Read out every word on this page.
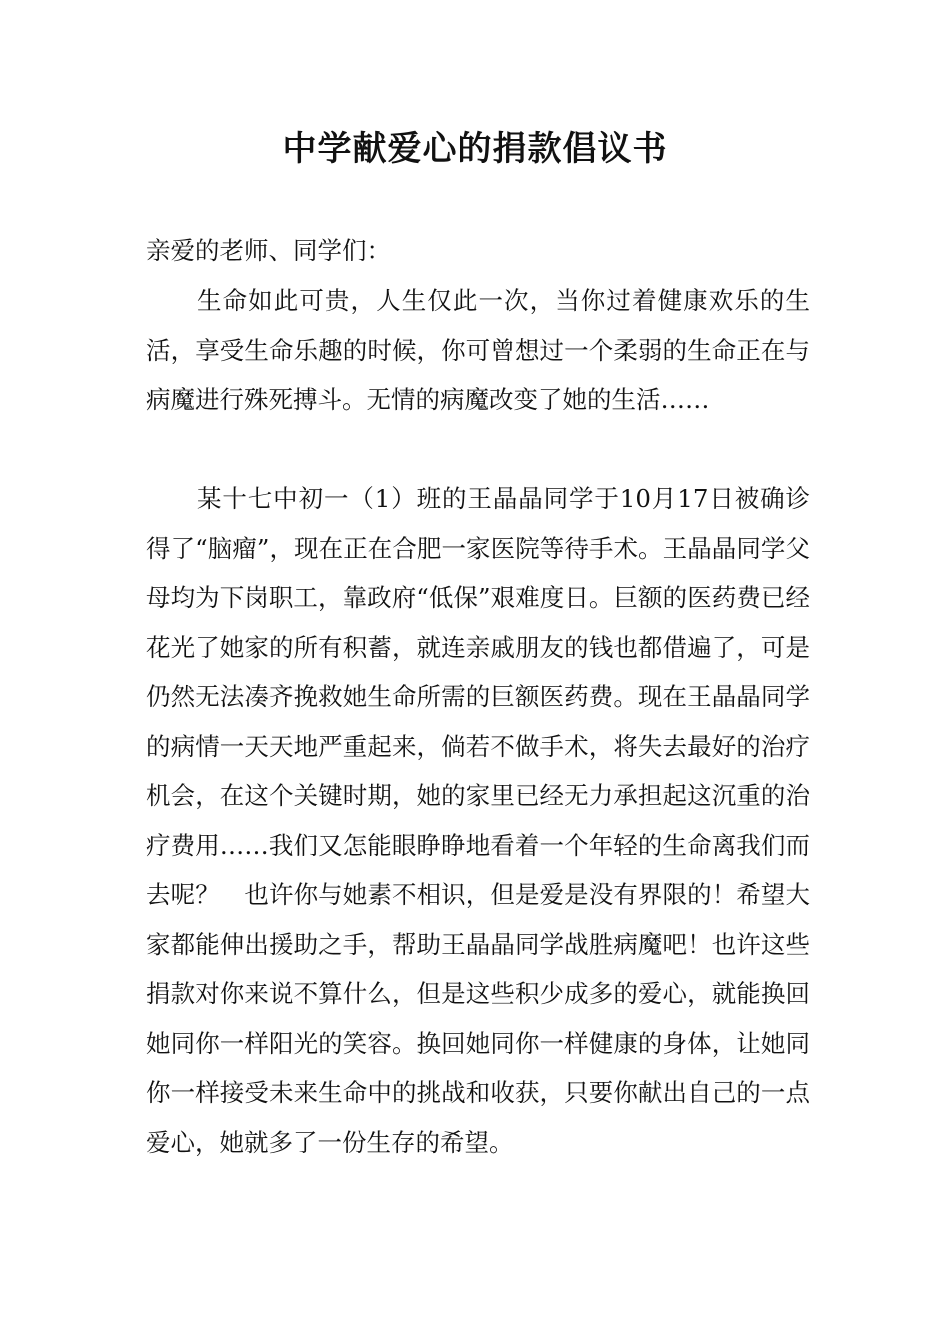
中学献爱心的捐款倡议书

亲爱的老师、同学们：

生命如此可贵，人生仅此一次，当你过着健康欢乐的生活，享受生命乐趣的时候，你可曾想过一个柔弱的生命正在与病魔进行殊死搏斗。无情的病魔改变了她的生活……

某十七中初一（1）班的王晶晶同学于10月17日被确诊得了“脑瘤”，现在正在合肥一家医院等待手术。王晶晶同学父母均为下岗职工，靠政府“低保”艰难度日。巨额的医药费已经花光了她家的所有积蓄，就连亲戚朋友的钱也都借遍了，可是仍然无法凑齐挽救她生命所需的巨额医药费。现在王晶晶同学的病情一天天地严重起来，倘若不做手术，将失去最好的治疗机会，在这个关键时期，她的家里已经无力承担起这沉重的治疗费用……我们又怎能眼睁睁地看着一个年轻的生命离我们而去呢？　也许你与她素不相识，但是爱是没有界限的！希望大家都能伸出援助之手，帮助王晶晶同学战胜病魔吧！也许这些捐款对你来说不算什么，但是这些积少成多的爱心，就能换回她同你一样阳光的笑容。换回她同你一样健康的身体，让她同你一样接受未来生命中的挑战和收获，只要你献出自己的一点爱心，她就多了一份生存的希望。
